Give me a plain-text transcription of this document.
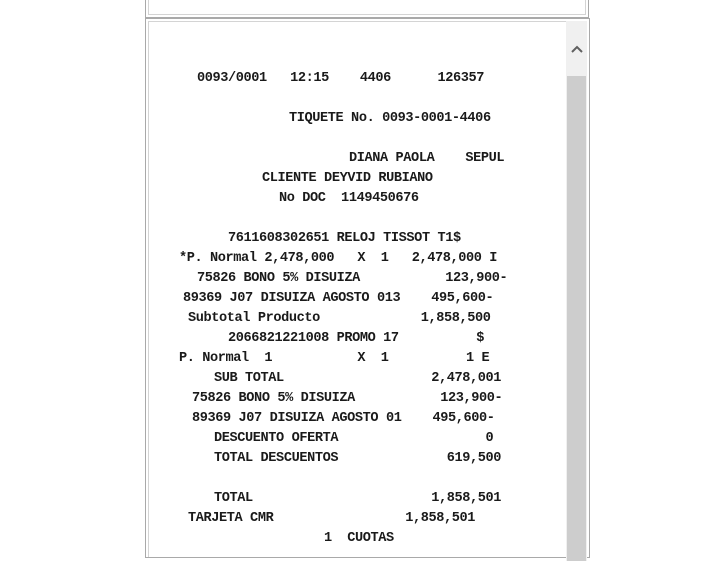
0093/0001   12:15    4406      126357
TIQUETE No. 0093-0001-4406
DIANA PAOLA    SEPUL
CLIENTE DEYVID RUBIANO
No DOC  1149450676
7611608302651 RELOJ TISSOT T1$
*P. Normal 2,478,000   X  1   2,478,000 I
75826 BONO 5% DISUIZA           123,900-
89369 J07 DISUIZA AGOSTO 013    495,600-
Subtotal Producto             1,858,500
2066821221008 PROMO 17          $
P. Normal  1           X  1          1 E
SUB TOTAL                   2,478,001
75826 BONO 5% DISUIZA           123,900-
89369 J07 DISUIZA AGOSTO 01    495,600-
DESCUENTO OFERTA                   0
TOTAL DESCUENTOS              619,500
TOTAL                       1,858,501
TARJETA CMR                 1,858,501
1  CUOTAS
